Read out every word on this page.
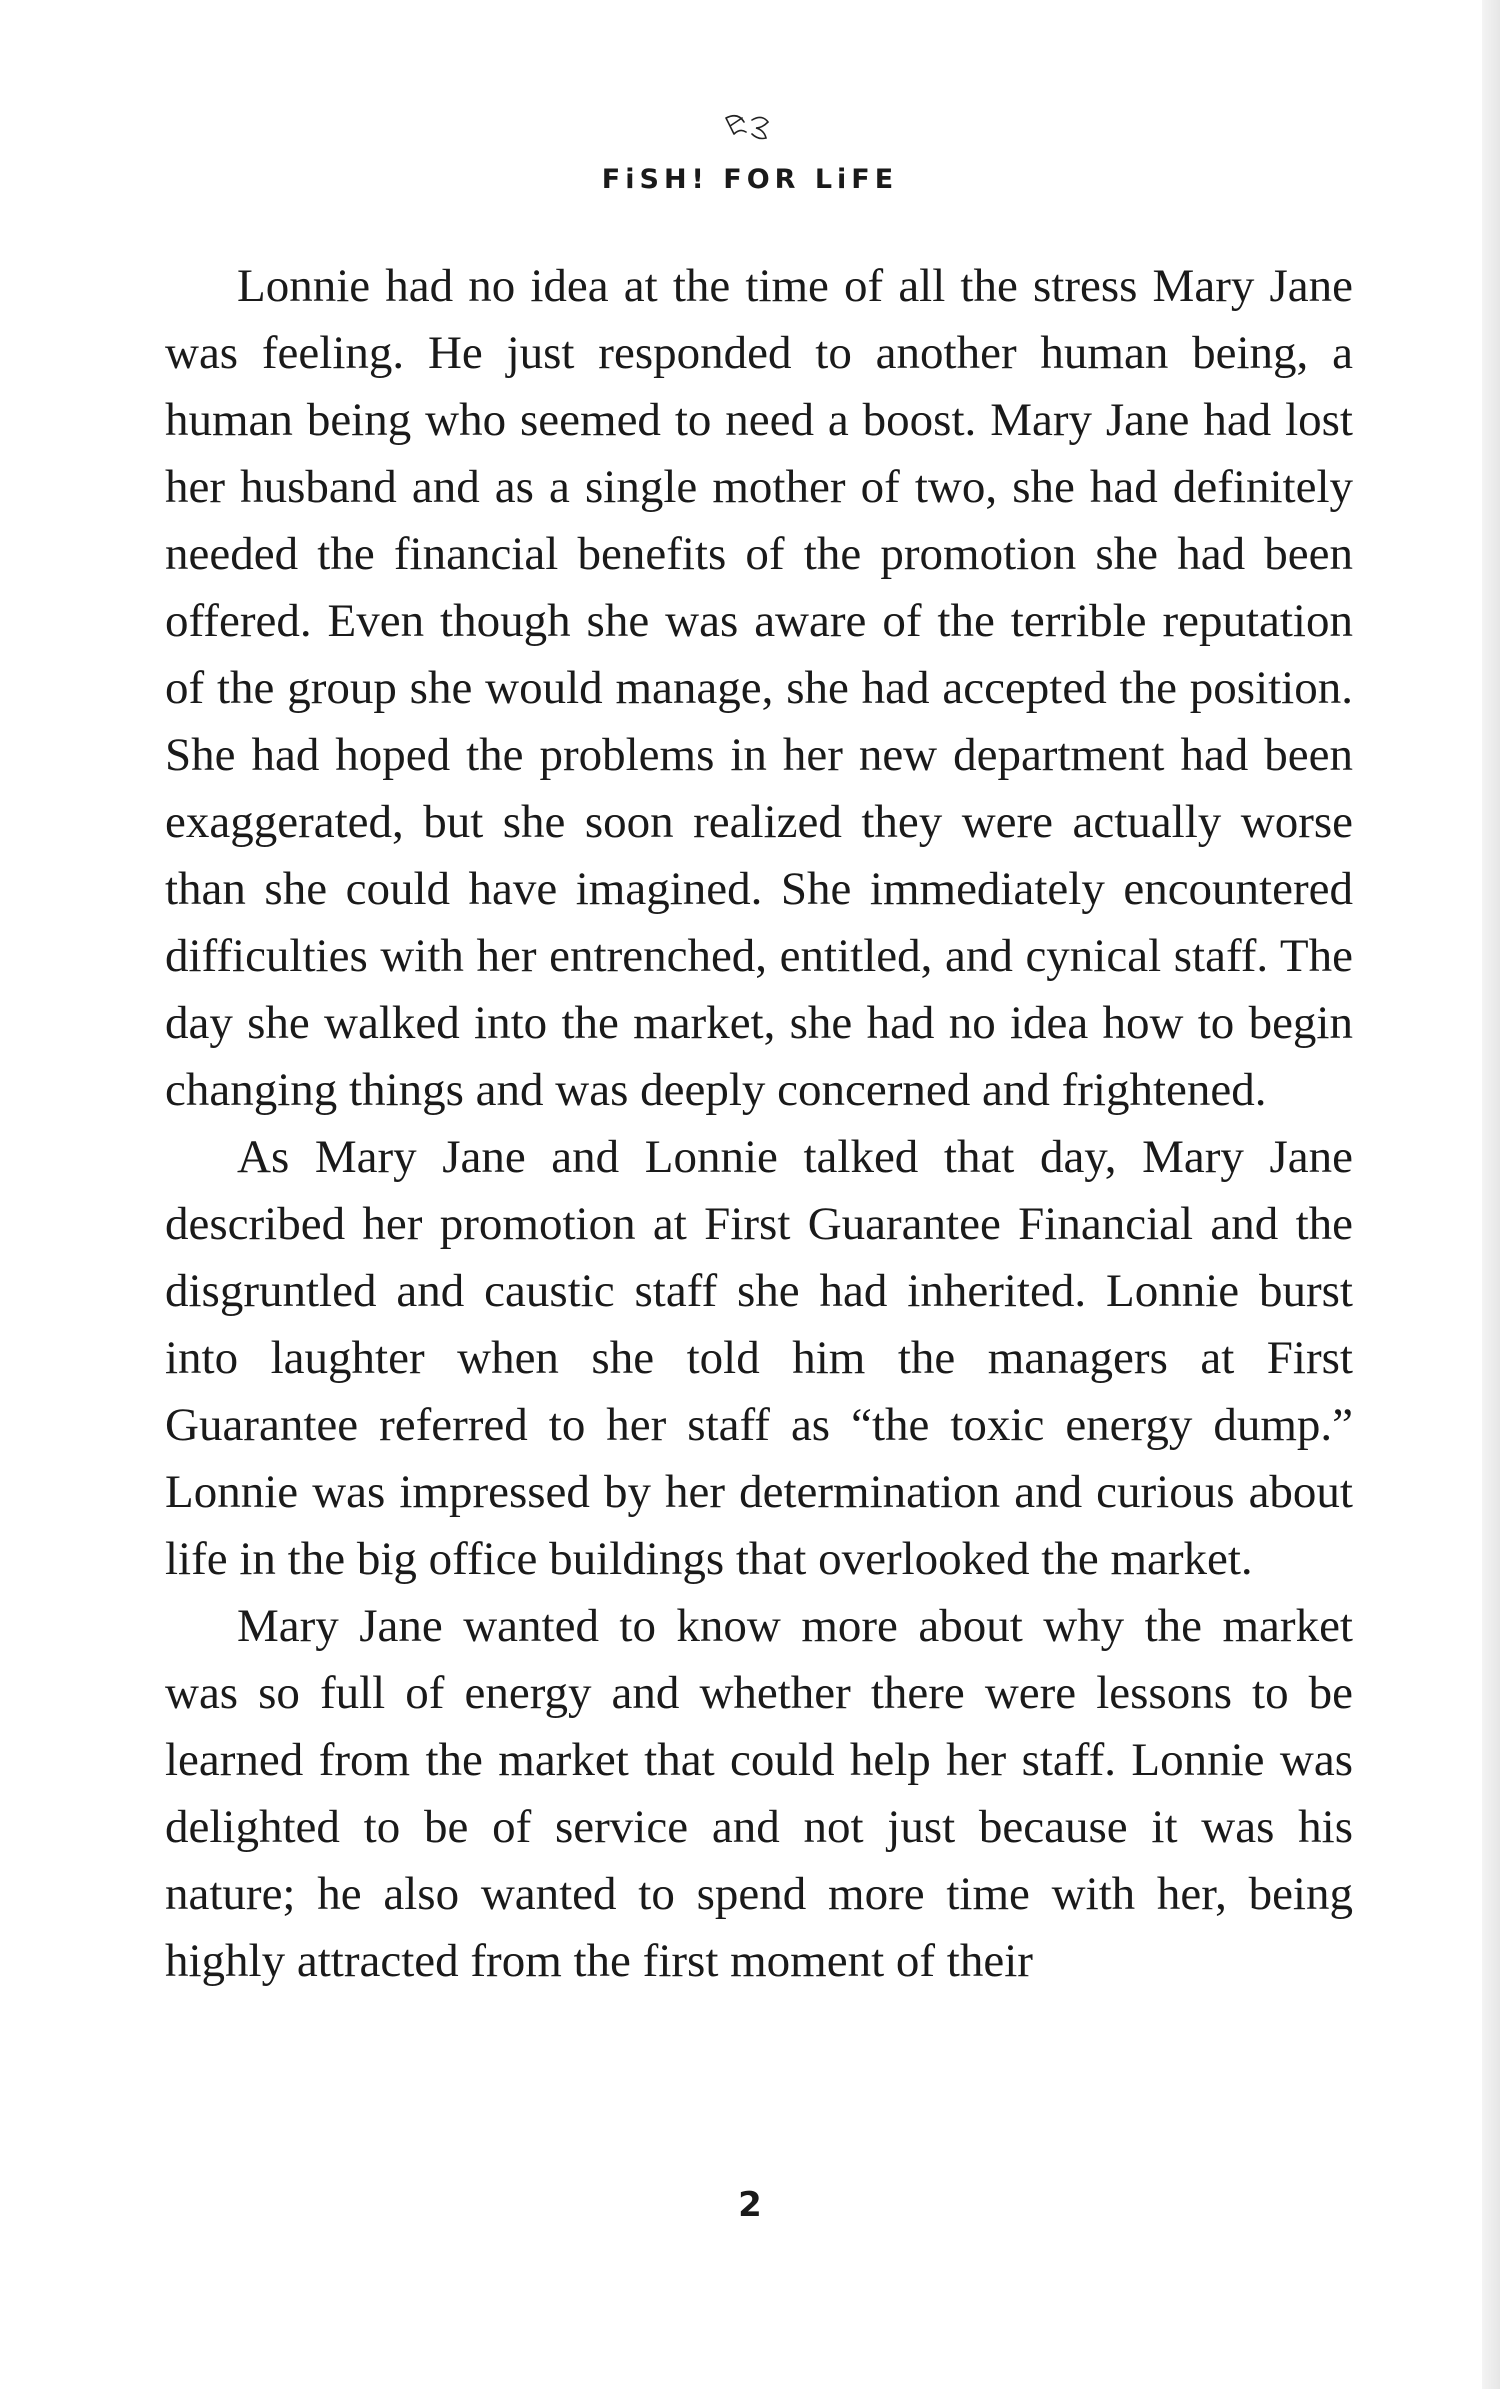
FiSH! FOR LiFE

Lonnie had no idea at the time of all the stress Mary Jane was feeling. He just responded to another human being, a human being who seemed to need a boost. Mary Jane had lost her husband and as a single mother of two, she had definitely needed the financial benefits of the promotion she had been offered. Even though she was aware of the terrible reputation of the group she would manage, she had accepted the position. She had hoped the problems in her new department had been exaggerated, but she soon realized they were actually worse than she could have imagined. She immediately encountered difficulties with her entrenched, entitled, and cynical staff. The day she walked into the market, she had no idea how to begin changing things and was deeply concerned and frightened.

As Mary Jane and Lonnie talked that day, Mary Jane described her promotion at First Guarantee Financial and the disgruntled and caustic staff she had inherited. Lonnie burst into laughter when she told him the managers at First Guarantee referred to her staff as “the toxic energy dump.” Lonnie was impressed by her determination and curious about life in the big office buildings that overlooked the market.

Mary Jane wanted to know more about why the market was so full of energy and whether there were lessons to be learned from the market that could help her staff. Lonnie was delighted to be of service and not just because it was his nature; he also wanted to spend more time with her, being highly attracted from the first moment of their

2
